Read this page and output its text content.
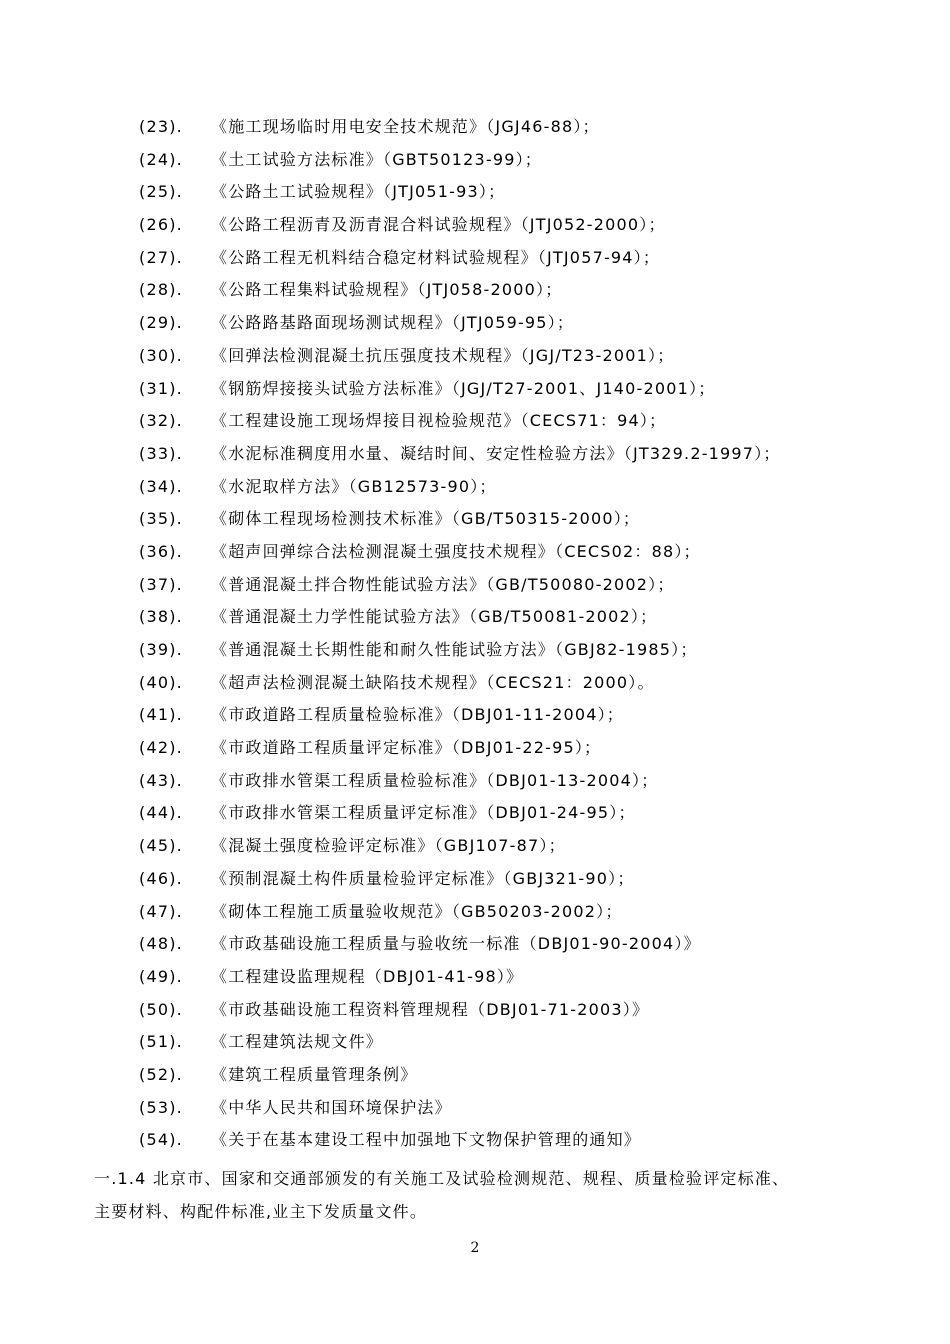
(23).	《施工现场临时用电安全技术规范》（JGJ46-88）；
(24).	《土工试验方法标准》（GBT50123-99）；
(25).	《公路土工试验规程》（JTJ051-93）；
(26).	《公路工程沥青及沥青混合料试验规程》（JTJ052-2000）；
(27).	《公路工程无机料结合稳定材料试验规程》（JTJ057-94）；
(28).	《公路工程集料试验规程》（JTJ058-2000）；
(29).	《公路路基路面现场测试规程》（JTJ059-95）；
(30).	《回弹法检测混凝土抗压强度技术规程》（JGJ/T23-2001）；
(31).	《钢筋焊接接头试验方法标准》（JGJ/T27-2001、J140-2001）；
(32).	《工程建设施工现场焊接目视检验规范》（CECS71：94）；
(33).	《水泥标准稠度用水量、凝结时间、安定性检验方法》（JT329.2-1997）；
(34).	《水泥取样方法》（GB12573-90）；
(35).	《砌体工程现场检测技术标准》（GB/T50315-2000）；
(36).	《超声回弹综合法检测混凝土强度技术规程》（CECS02：88）；
(37).	《普通混凝土拌合物性能试验方法》（GB/T50080-2002）；
(38).	《普通混凝土力学性能试验方法》（GB/T50081-2002）；
(39).	《普通混凝土长期性能和耐久性能试验方法》（GBJ82-1985）；
(40).	《超声法检测混凝土缺陷技术规程》（CECS21：2000）。
(41).	《市政道路工程质量检验标准》（DBJ01-11-2004）；
(42).	《市政道路工程质量评定标准》（DBJ01-22-95）；
(43).	《市政排水管渠工程质量检验标准》（DBJ01-13-2004）；
(44).	《市政排水管渠工程质量评定标准》（DBJ01-24-95）；
(45).	《混凝土强度检验评定标准》（GBJ107-87）；
(46).	《预制混凝土构件质量检验评定标准》（GBJ321-90）；
(47).	《砌体工程施工质量验收规范》（GB50203-2002）；
(48).	《市政基础设施工程质量与验收统一标准（DBJ01-90-2004）》
(49).	《工程建设监理规程（DBJ01-41-98）》
(50).	《市政基础设施工程资料管理规程（DBJ01-71-2003）》
(51).	《工程建筑法规文件》
(52).	《建筑工程质量管理条例》
(53).	《中华人民共和国环境保护法》
(54).	《关于在基本建设工程中加强地下文物保护管理的通知》
一.1.4 北京市、国家和交通部颁发的有关施工及试验检测规范、规程、质量检验评定标准、
主要材料、构配件标准,业主下发质量文件。
2
